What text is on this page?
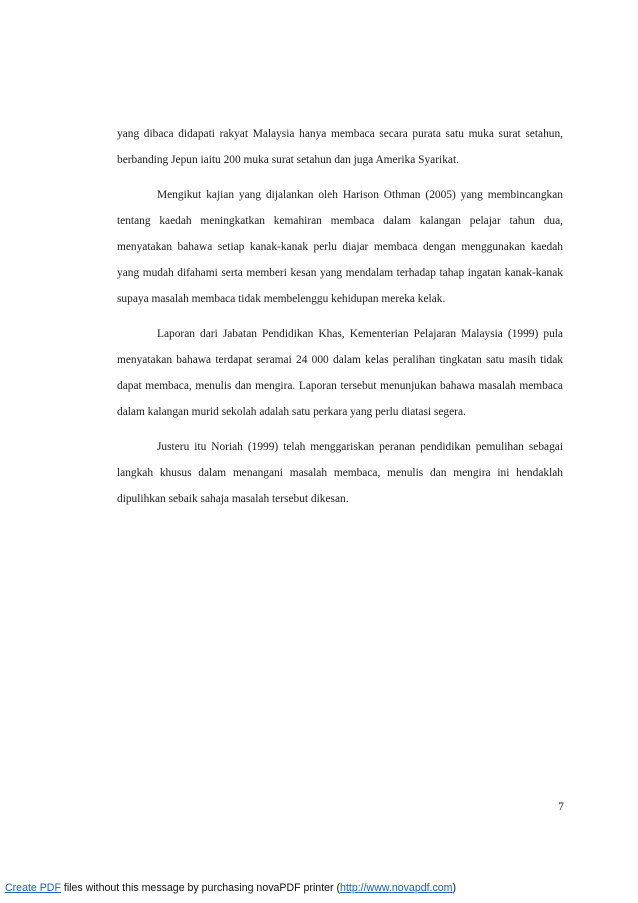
yang dibaca didapati rakyat Malaysia hanya membaca secara purata satu muka surat setahun, berbanding Jepun iaitu 200 muka surat setahun dan juga Amerika Syarikat.

Mengikut kajian yang dijalankan oleh Harison Othman (2005) yang membincangkan tentang kaedah meningkatkan kemahiran membaca dalam kalangan pelajar tahun dua, menyatakan bahawa setiap kanak-kanak perlu diajar membaca dengan menggunakan kaedah yang mudah difahami serta memberi kesan yang mendalam terhadap tahap ingatan kanak-kanak supaya masalah membaca tidak membelenggu kehidupan mereka kelak.

Laporan dari Jabatan Pendidikan Khas, Kementerian Pelajaran Malaysia (1999) pula menyatakan bahawa terdapat seramai 24 000 dalam kelas peralihan tingkatan satu masih tidak dapat membaca, menulis dan mengira. Laporan tersebut menunjukan bahawa masalah membaca dalam kalangan murid sekolah adalah satu perkara yang perlu diatasi segera.

Justeru itu Noriah (1999) telah menggariskan peranan pendidikan pemulihan sebagai langkah khusus dalam menangani masalah membaca, menulis dan mengira ini hendaklah dipulihkan sebaik sahaja masalah tersebut dikesan.

7
Create PDF files without this message by purchasing novaPDF printer (http://www.novapdf.com)
